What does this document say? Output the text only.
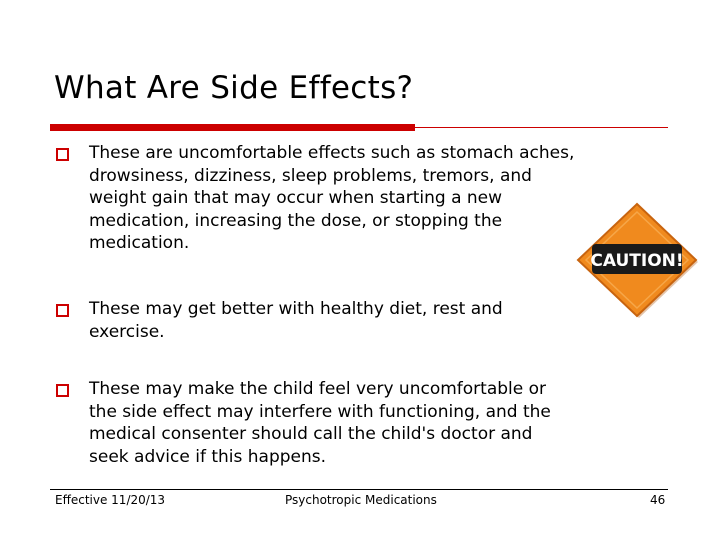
What Are Side Effects?
These are uncomfortable effects such as stomach aches,
drowsiness, dizziness, sleep problems, tremors, and
weight gain that may occur when starting a new
medication, increasing the dose, or stopping the
medication.
These may get better with healthy diet, rest and
exercise.
These may make the child feel very uncomfortable or
the side effect may interfere with functioning, and the
medical consenter should call the child's doctor and
seek advice if this happens.
CAUTION!
Effective 11/20/13	Psychotropic Medications	46
